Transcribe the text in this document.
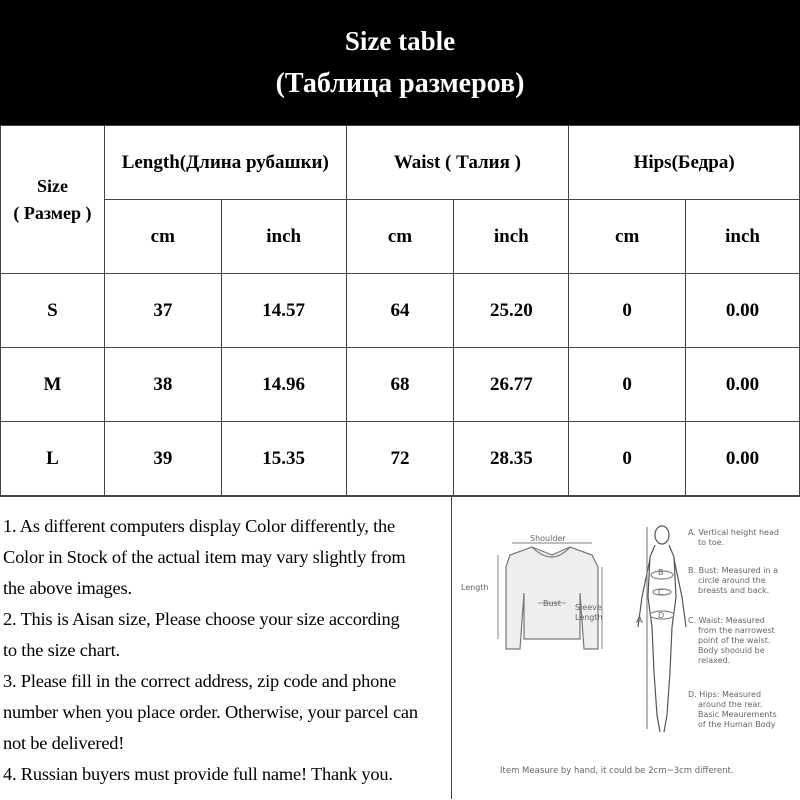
Size table
(Таблица размеров)
Size
( Размер )	Length(Длина рубашки)		Waist ( Талия )		Hips(Бедра)	
	cm	inch	cm	inch	cm	inch
S	37	14.57	64	25.20	0	0.00
M	38	14.96	68	26.77	0	0.00
L	39	15.35	72	28.35	0	0.00
1. As different computers display Color differently, the
Color in Stock of the actual item may vary slightly from
the above images.
2. This is Aisan size, Please choose your size according
to the size chart.
3. Please fill in the correct address, zip code and phone
number when you place order. Otherwise, your parcel can
not be delivered!
4. Russian buyers must provide full name! Thank you.
Shoulder
Length
Bust Sleeve
Length	A
B
C
D
A. Vertical height head
to toe.
B. Bust: Measured in a
circle around the
breasts and back.
C. Waist: Measured
from the narrowest
point of the waist.
Body shoould be
relaxed.
D. Hips: Measured
around the rear.
Basic Meaurements
of the Human Body
Item Measure by hand, it could be 2cm~3cm different.
